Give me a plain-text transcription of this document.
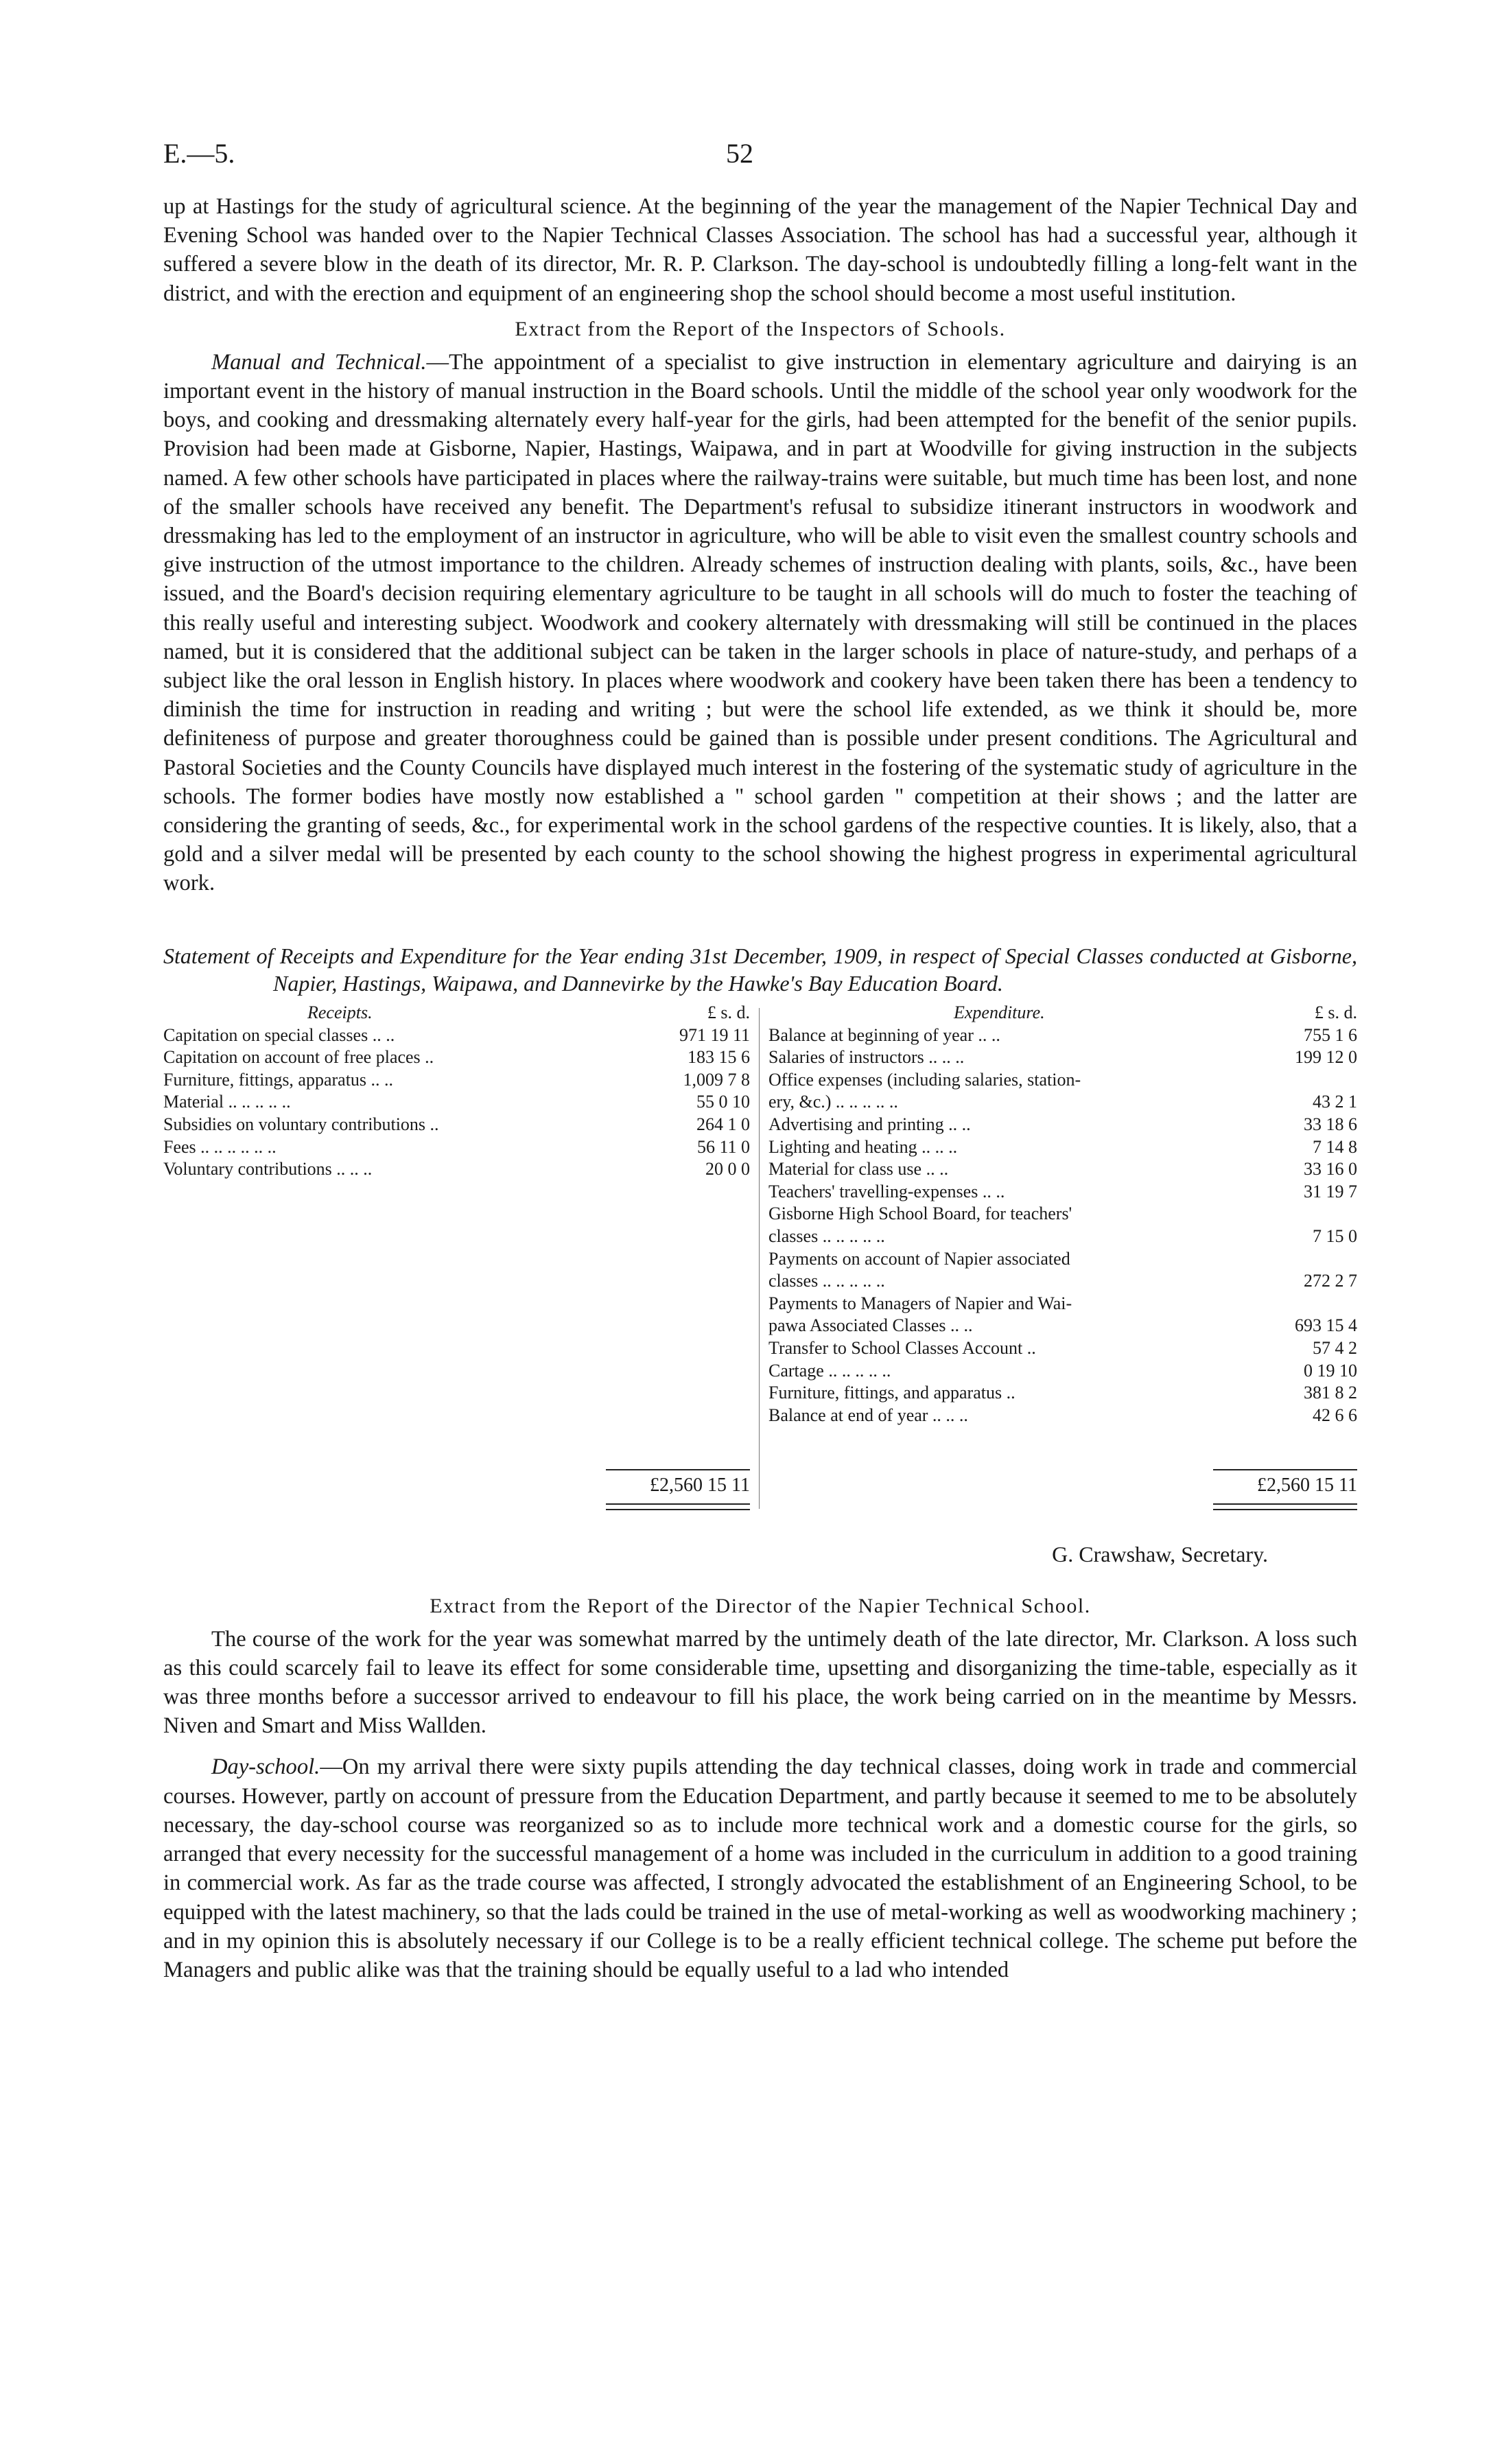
E.—5.	52

up at Hastings for the study of agricultural science. At the beginning of the year the management of the Napier Technical Day and Evening School was handed over to the Napier Technical Classes Association. The school has had a successful year, although it suffered a severe blow in the death of its director, Mr. R. P. Clarkson. The day-school is undoubtedly filling a long-felt want in the district, and with the erection and equipment of an engineering shop the school should become a most useful institution.

Extract from the Report of the Inspectors of Schools.

Manual and Technical.—The appointment of a specialist to give instruction in elementary agriculture and dairying is an important event in the history of manual instruction in the Board schools. Until the middle of the school year only woodwork for the boys, and cooking and dressmaking alternately every half-year for the girls, had been attempted for the benefit of the senior pupils. Provision had been made at Gisborne, Napier, Hastings, Waipawa, and in part at Woodville for giving instruction in the subjects named. A few other schools have participated in places where the railway-trains were suitable, but much time has been lost, and none of the smaller schools have received any benefit. The Department's refusal to subsidize itinerant instructors in woodwork and dressmaking has led to the employment of an instructor in agriculture, who will be able to visit even the smallest country schools and give instruction of the utmost importance to the children. Already schemes of instruction dealing with plants, soils, &c., have been issued, and the Board's decision requiring elementary agriculture to be taught in all schools will do much to foster the teaching of this really useful and interesting subject. Woodwork and cookery alternately with dressmaking will still be continued in the places named, but it is considered that the additional subject can be taken in the larger schools in place of nature-study, and perhaps of a subject like the oral lesson in English history. In places where woodwork and cookery have been taken there has been a tendency to diminish the time for instruction in reading and writing ; but were the school life extended, as we think it should be, more definiteness of purpose and greater thoroughness could be gained than is possible under present conditions. The Agricultural and Pastoral Societies and the County Councils have displayed much interest in the fostering of the systematic study of agriculture in the schools. The former bodies have mostly now established a " school garden " competition at their shows ; and the latter are considering the granting of seeds, &c., for experimental work in the school gardens of the respective counties. It is likely, also, that a gold and a silver medal will be presented by each county to the school showing the highest progress in experimental agricultural work.

Statement of Receipts and Expenditure for the Year ending 31st December, 1909, in respect of Special Classes conducted at Gisborne, Napier, Hastings, Waipawa, and Dannevirke by the Hawke's Bay Education Board.
Receipts.	£ s. d.
Capitation on special classes .. ..	971 19 11
Capitation on account of free places ..	183 15 6
Furniture, fittings, apparatus .. ..	1,009 7 8
Material .. .. .. .. ..	55 0 10
Subsidies on voluntary contributions ..	264 1 0
Fees .. .. .. .. .. ..	56 11 0
Voluntary contributions .. .. ..	20 0 0
£2,560 15 11
Expenditure.	£ s. d.
Balance at beginning of year .. ..	755 1 6
Salaries of instructors .. .. ..	199 12 0
Office expenses (including salaries, station-
ery, &c.) .. .. .. .. ..	43 2 1
Advertising and printing .. ..	33 18 6
Lighting and heating .. .. ..	7 14 8
Material for class use .. ..	33 16 0
Teachers' travelling-expenses .. ..	31 19 7
Gisborne High School Board, for teachers'
classes .. .. .. .. ..	7 15 0
Payments on account of Napier associated
classes .. .. .. .. ..	272 2 7
Payments to Managers of Napier and Wai-
pawa Associated Classes .. ..	693 15 4
Transfer to School Classes Account ..	57 4 2
Cartage .. .. .. .. ..	0 19 10
Furniture, fittings, and apparatus ..	381 8 2
Balance at end of year .. .. ..	42 6 6
£2,560 15 11
G. Crawshaw, Secretary.
Extract from the Report of the Director of the Napier Technical School.

The course of the work for the year was somewhat marred by the untimely death of the late director, Mr. Clarkson. A loss such as this could scarcely fail to leave its effect for some considerable time, upsetting and disorganizing the time-table, especially as it was three months before a successor arrived to endeavour to fill his place, the work being carried on in the meantime by Messrs. Niven and Smart and Miss Wallden.

Day-school.—On my arrival there were sixty pupils attending the day technical classes, doing work in trade and commercial courses. However, partly on account of pressure from the Education Department, and partly because it seemed to me to be absolutely necessary, the day-school course was reorganized so as to include more technical work and a domestic course for the girls, so arranged that every necessity for the successful management of a home was included in the curriculum in addition to a good training in commercial work. As far as the trade course was affected, I strongly advocated the establishment of an Engineering School, to be equipped with the latest machinery, so that the lads could be trained in the use of metal-working as well as woodworking machinery ; and in my opinion this is absolutely necessary if our College is to be a really efficient technical college. The scheme put before the Managers and public alike was that the training should be equally useful to a lad who intended
